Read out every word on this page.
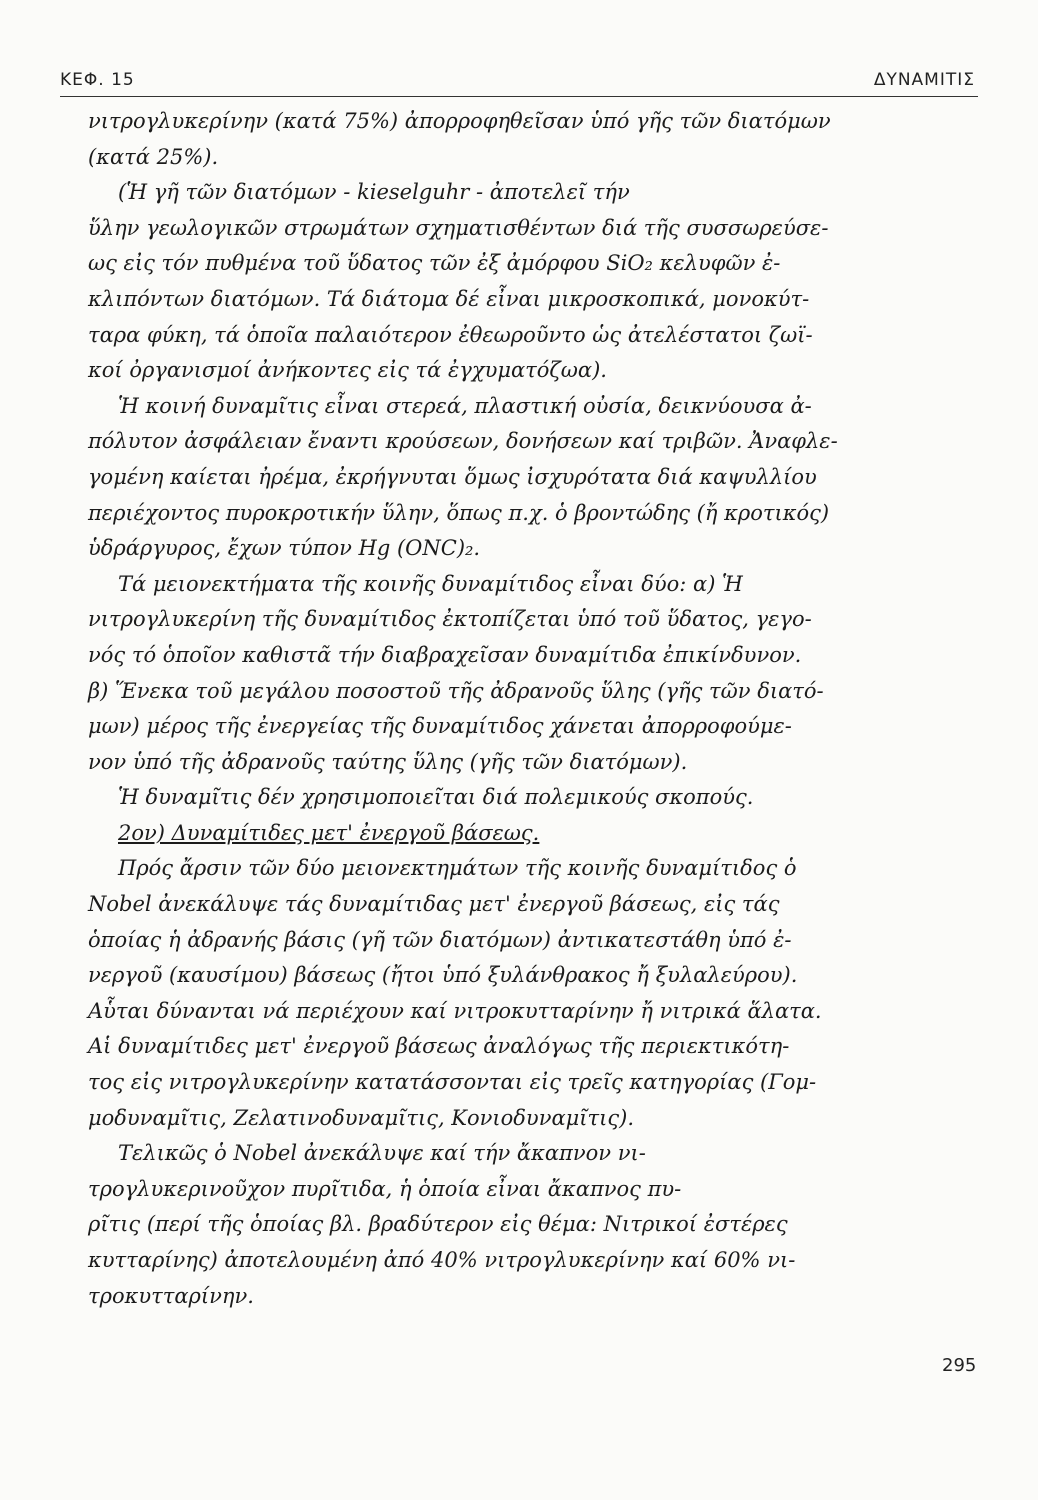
ΚΕΦ. 15	ΔΥΝΑΜΙΤΙΣ
νιτρογλυκερίνην (κατά 75%) ἀπορροφηθεῖσαν ὑπό γῆς τῶν διατόμων
(κατά 25%).
(Ἡ γῆ τῶν διατόμων - kieselguhr - ἀποτελεῖ τήν
ὕλην γεωλογικῶν στρωμάτων σχηματισθέντων διά τῆς συσσωρεύσε-
ως εἰς τόν πυθμένα τοῦ ὕδατος τῶν ἐξ ἀμόρφου SiO₂ κελυφῶν ἐ-
κλιπόντων διατόμων. Τά διάτομα δέ εἶναι μικροσκοπικά, μονοκύτ-
ταρα φύκη, τά ὁποῖα παλαιότερον ἐθεωροῦντο ὡς ἀτελέστατοι ζωϊ-
κοί ὀργανισμοί ἀνήκοντες εἰς τά ἐγχυματόζωα).
Ἡ κοινή δυναμῖτις εἶναι στερεά, πλαστική οὐσία, δεικνύουσα ἀ-
πόλυτον ἀσφάλειαν ἔναντι κρούσεων, δονήσεων καί τριβῶν. Ἀναφλε-
γομένη καίεται ἠρέμα, ἐκρήγνυται ὅμως ἰσχυρότατα διά καψυλλίου
περιέχοντος πυροκροτικήν ὕλην, ὅπως π.χ. ὁ βροντώδης (ἤ κροτικός)
ὑδράργυρος, ἔχων τύπον Hg (ONC)₂.
Τά μειονεκτήματα τῆς κοινῆς δυναμίτιδος εἶναι δύο: α) Ἡ
νιτρογλυκερίνη τῆς δυναμίτιδος ἐκτοπίζεται ὑπό τοῦ ὕδατος, γεγο-
νός τό ὁποῖον καθιστᾶ τήν διαβραχεῖσαν δυναμίτιδα ἐπικίνδυνον.
β) Ἕνεκα τοῦ μεγάλου ποσοστοῦ τῆς ἀδρανοῦς ὕλης (γῆς τῶν διατό-
μων) μέρος τῆς ἐνεργείας τῆς δυναμίτιδος χάνεται ἀπορροφούμε-
νον ὑπό τῆς ἀδρανοῦς ταύτης ὕλης (γῆς τῶν διατόμων).
Ἡ δυναμῖτις δέν χρησιμοποιεῖται διά πολεμικούς σκοπούς.
2ον) Δυναμίτιδες μετ' ἐνεργοῦ βάσεως.
Πρός ἄρσιν τῶν δύο μειονεκτημάτων τῆς κοινῆς δυναμίτιδος ὁ
Nobel ἀνεκάλυψε τάς δυναμίτιδας μετ' ἐνεργοῦ βάσεως, εἰς τάς
ὁποίας ἡ ἀδρανής βάσις (γῆ τῶν διατόμων) ἀντικατεστάθη ὑπό ἐ-
νεργοῦ (καυσίμου) βάσεως (ἤτοι ὑπό ξυλάνθρακος ἤ ξυλαλεύρου).
Αὗται δύνανται νά περιέχουν καί νιτροκυτταρίνην ἤ νιτρικά ἅλατα.
Αἱ δυναμίτιδες μετ' ἐνεργοῦ βάσεως ἀναλόγως τῆς περιεκτικότη-
τος εἰς νιτρογλυκερίνην κατατάσσονται εἰς τρεῖς κατηγορίας (Γομ-
μοδυναμῖτις, Ζελατινοδυναμῖτις, Κονιοδυναμῖτις).
Τελικῶς ὁ Nobel ἀνεκάλυψε καί τήν ἄκαπνον νι-
τρογλυκερινοῦχον πυρῖτιδα, ἡ ὁποία εἶναι ἄκαπνος πυ-
ρῖτις (περί τῆς ὁποίας βλ. βραδύτερον εἰς θέμα: Νιτρικοί ἐστέρες
κυτταρίνης) ἀποτελουμένη ἀπό 40% νιτρογλυκερίνην καί 60% νι-
τροκυτταρίνην.
295
